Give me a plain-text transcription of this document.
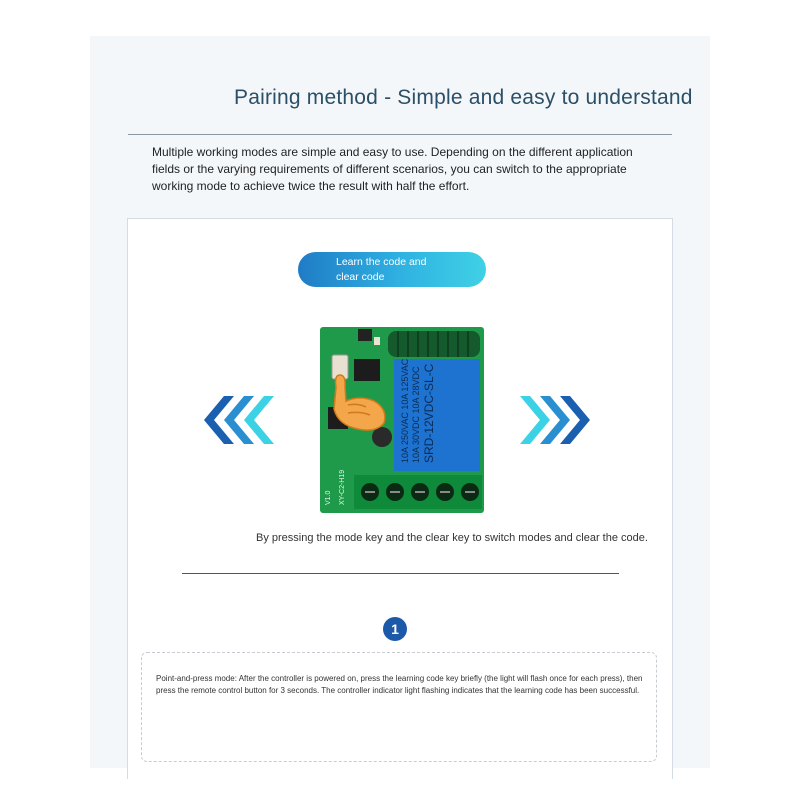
Pairing method - Simple and easy to understand
Multiple working modes are simple and easy to use. Depending on the different application fields or the varying requirements of different scenarios, you can switch to the appropriate working mode to achieve twice the result with half the effort.
Learn the code and
clear code
10A 250VAC 10A 125VAC 10A 30VDC 10A 28VDC SRD-12VDC-SL-C
V1.0 XY-C2-H19
By pressing the mode key and the clear key to switch modes and clear the code.
1
Point-and-press mode: After the controller is powered on, press the learning code key briefly (the light will flash once for each press), then press the remote control button for 3 seconds. The controller indicator light flashing indicates that the learning code has been successful.
